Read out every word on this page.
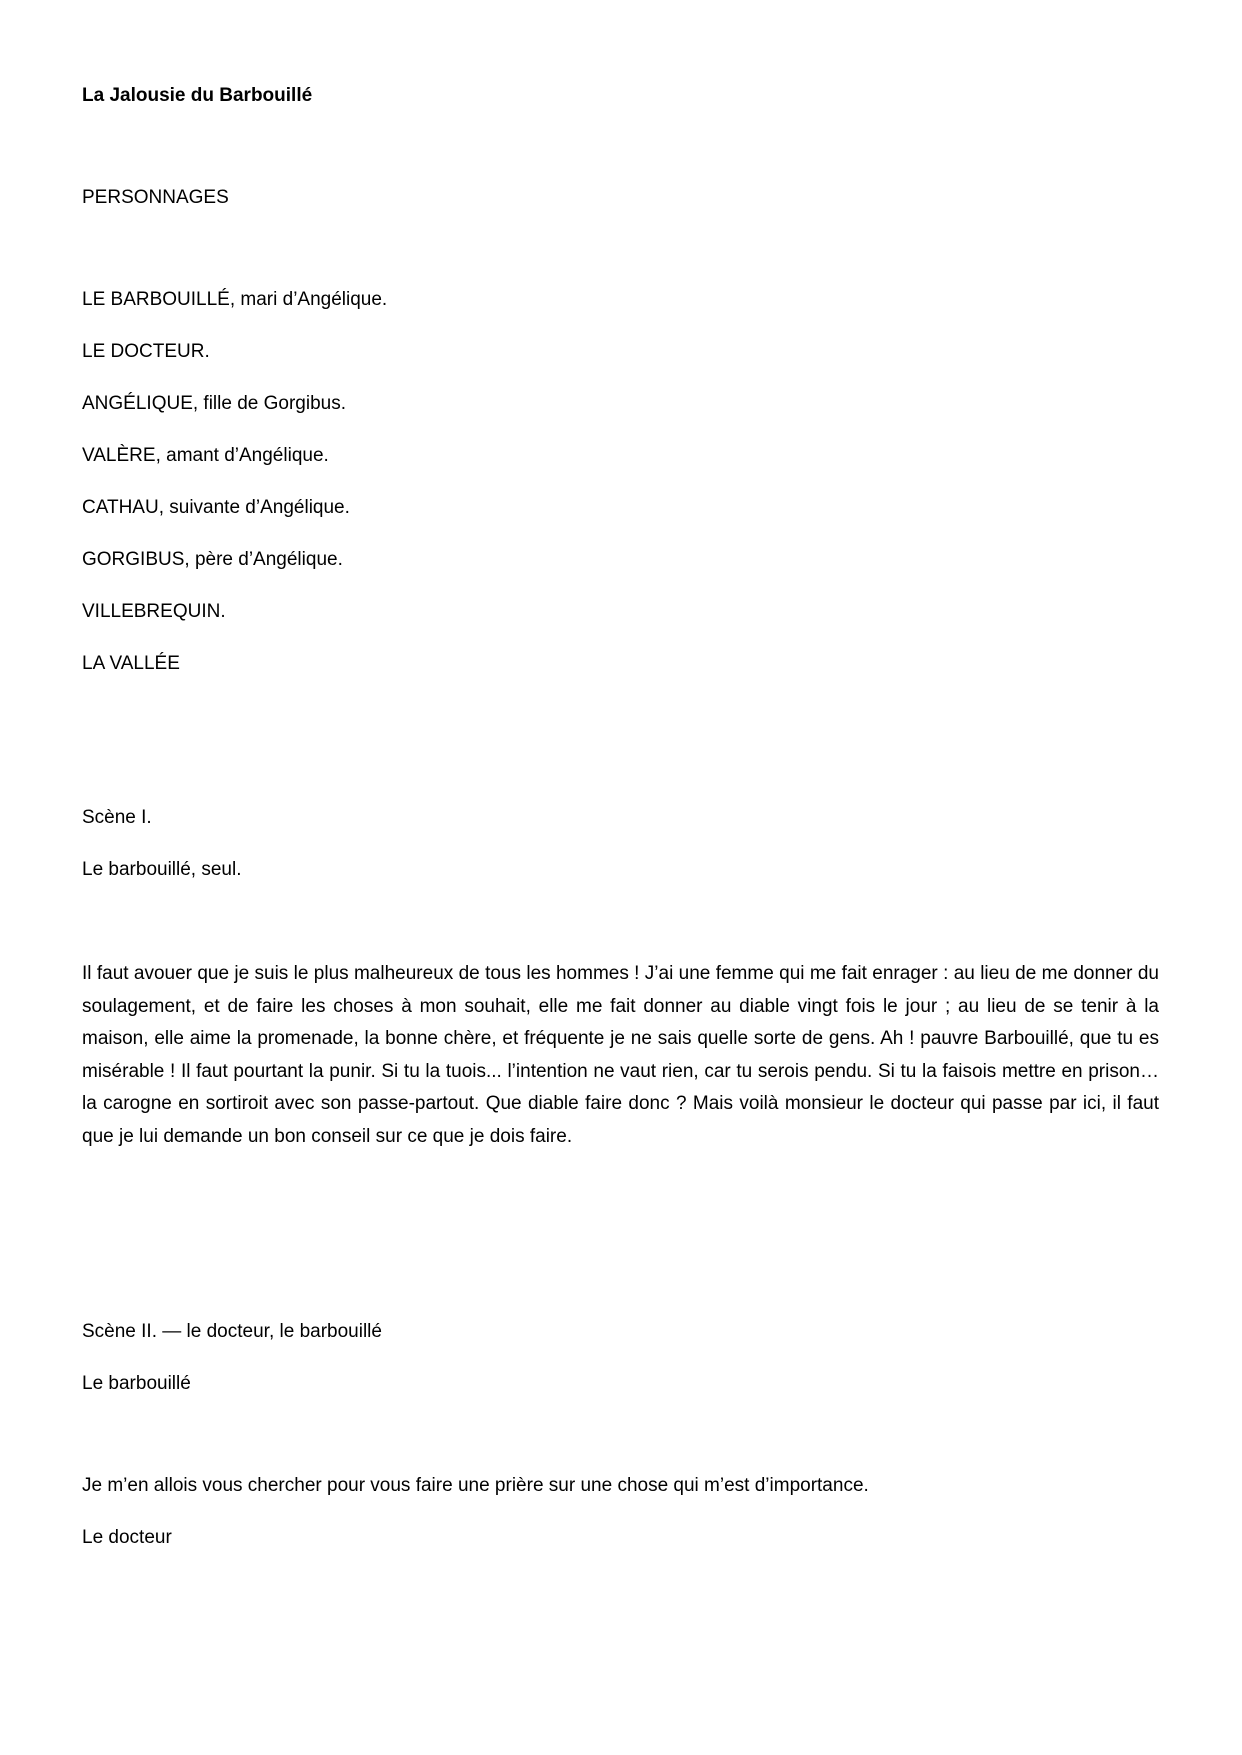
La Jalousie du Barbouillé
PERSONNAGES
LE BARBOUILLÉ, mari d’Angélique.
LE DOCTEUR.
ANGÉLIQUE, fille de Gorgibus.
VALÈRE, amant d’Angélique.
CATHAU, suivante d’Angélique.
GORGIBUS, père d’Angélique.
VILLEBREQUIN.
LA VALLÉE
Scène I.
Le barbouillé, seul.
Il faut avouer que je suis le plus malheureux de tous les hommes ! J’ai une femme qui me fait enrager : au lieu de me donner du soulagement, et de faire les choses à mon souhait, elle me fait donner au diable vingt fois le jour ; au lieu de se tenir à la maison, elle aime la promenade, la bonne chère, et fréquente je ne sais quelle sorte de gens. Ah ! pauvre Barbouillé, que tu es misérable ! Il faut pourtant la punir. Si tu la tuois... l’intention ne vaut rien, car tu serois pendu. Si tu la faisois mettre en prison… la carogne en sortiroit avec son passe-partout. Que diable faire donc ? Mais voilà monsieur le docteur qui passe par ici, il faut que je lui demande un bon conseil sur ce que je dois faire.
Scène II. — le docteur, le barbouillé
Le barbouillé
Je m’en allois vous chercher pour vous faire une prière sur une chose qui m’est d’importance.
Le docteur
